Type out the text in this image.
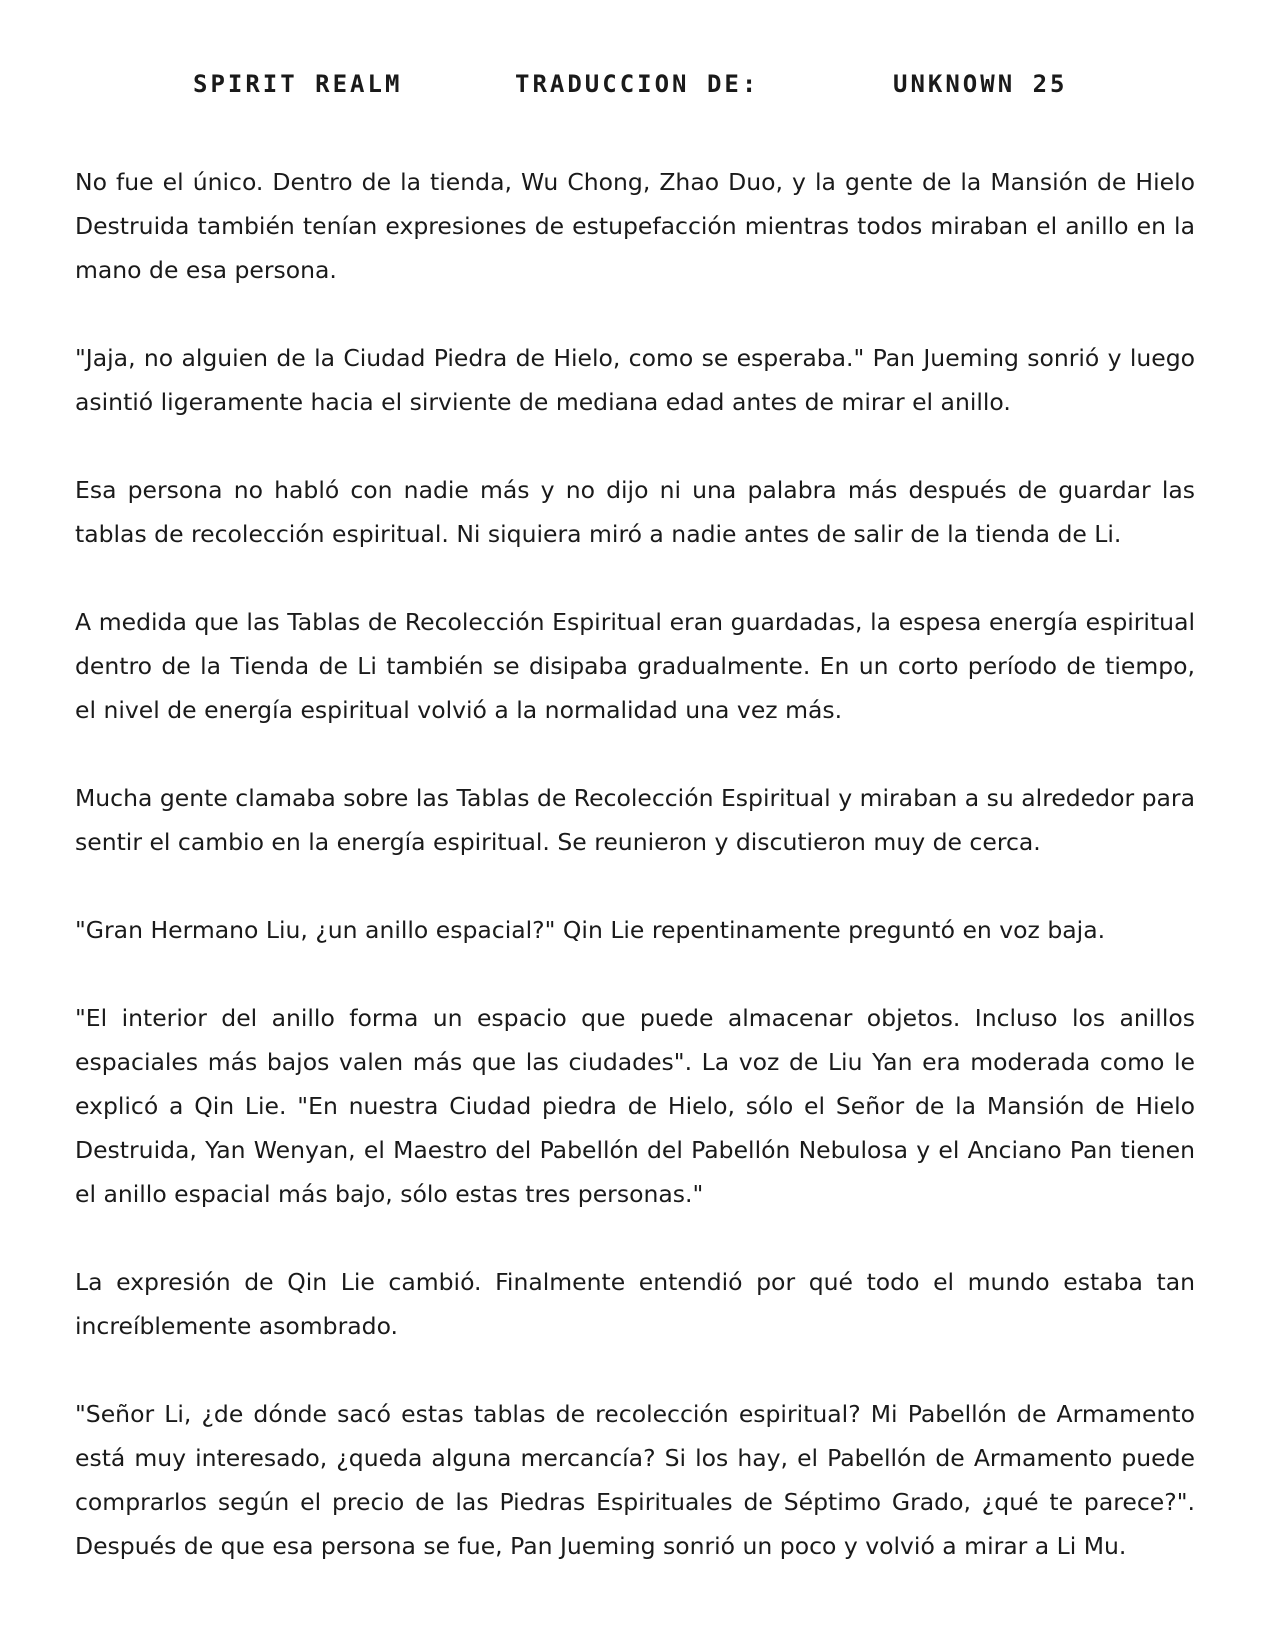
SPIRIT REALM	TRADUCCION DE:	UNKNOWN 25

No fue el único. Dentro de la tienda, Wu Chong, Zhao Duo, y la gente de la Mansión de Hielo Destruida también tenían expresiones de estupefacción mientras todos miraban el anillo en la mano de esa persona.

"Jaja, no alguien de la Ciudad Piedra de Hielo, como se esperaba." Pan Jueming sonrió y luego asintió ligeramente hacia el sirviente de mediana edad antes de mirar el anillo.

Esa persona no habló con nadie más y no dijo ni una palabra más después de guardar las tablas de recolección espiritual. Ni siquiera miró a nadie antes de salir de la tienda de Li.

A medida que las Tablas de Recolección Espiritual eran guardadas, la espesa energía espiritual dentro de la Tienda de Li también se disipaba gradualmente. En un corto período de tiempo, el nivel de energía espiritual volvió a la normalidad una vez más.

Mucha gente clamaba sobre las Tablas de Recolección Espiritual y miraban a su alrededor para sentir el cambio en la energía espiritual. Se reunieron y discutieron muy de cerca.

"Gran Hermano Liu, ¿un anillo espacial?" Qin Lie repentinamente preguntó en voz baja.

"El interior del anillo forma un espacio que puede almacenar objetos. Incluso los anillos espaciales más bajos valen más que las ciudades". La voz de Liu Yan era moderada como le explicó a Qin Lie. "En nuestra Ciudad piedra de Hielo, sólo el Señor de la Mansión de Hielo Destruida, Yan Wenyan, el Maestro del Pabellón del Pabellón Nebulosa y el Anciano Pan tienen el anillo espacial más bajo, sólo estas tres personas."

La expresión de Qin Lie cambió. Finalmente entendió por qué todo el mundo estaba tan increíblemente asombrado.

"Señor Li, ¿de dónde sacó estas tablas de recolección espiritual? Mi Pabellón de Armamento está muy interesado, ¿queda alguna mercancía? Si los hay, el Pabellón de Armamento puede comprarlos según el precio de las Piedras Espirituales de Séptimo Grado, ¿qué te parece?". Después de que esa persona se fue, Pan Jueming sonrió un poco y volvió a mirar a Li Mu.
